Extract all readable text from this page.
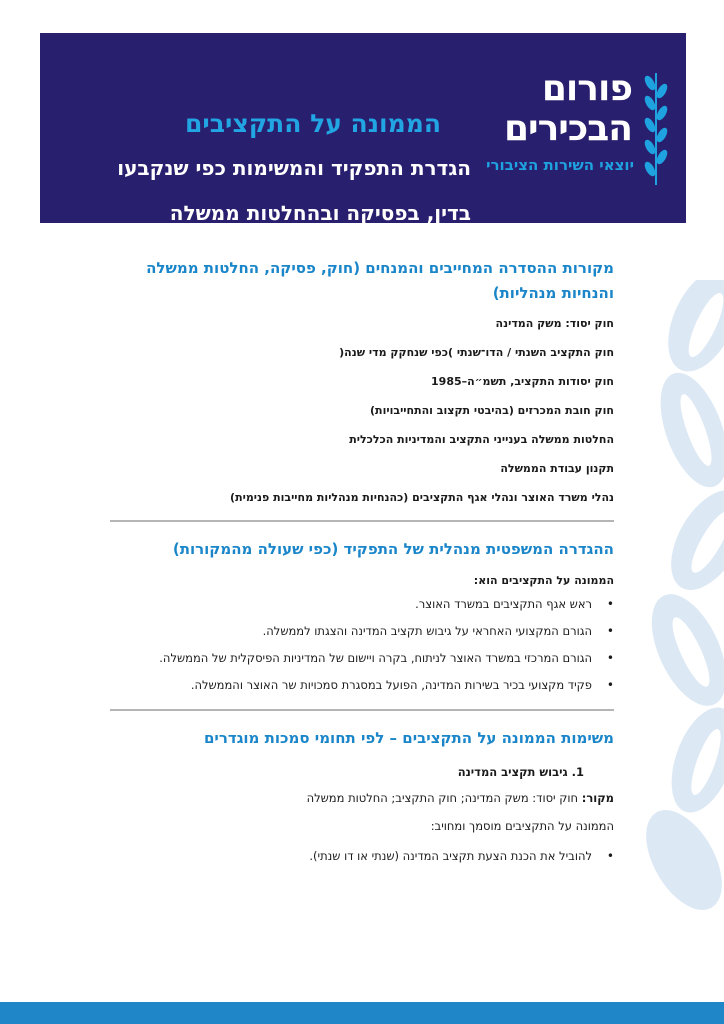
פורום
הבכירים
יוצאי השירות הציבורי
הממונה על התקציבים
הגדרת התפקיד והמשימות כפי שנקבעו
בדין, בפסיקה ובהחלטות ממשלה
מקורות ההסדרה המחייבים והמנחים (חוק, פסיקה, החלטות ממשלה והנחיות מנהליות)
חוק יסוד: משק המדינה
חוק התקציב השנתי / הדו־שנתי )כפי שנחקק מדי שנה(
חוק יסודות התקציב, תשמ״ה–1985
חוק חובת המכרזים (בהיבטי תקצוב והתחייבויות)
החלטות ממשלה בענייני התקציב והמדיניות הכלכלית
תקנון עבודת הממשלה
נהלי משרד האוצר ונהלי אגף התקציבים (כהנחיות מנהליות מחייבות פנימית)
ההגדרה המשפטית מנהלית של התפקיד (כפי שעולה מהמקורות)

הממונה על התקציבים הוא:

• ראש אגף התקציבים במשרד האוצר.
• הגורם המקצועי האחראי על גיבוש תקציב המדינה והצגתו לממשלה.
• הגורם המרכזי במשרד האוצר לניתוח, בקרה ויישום של המדיניות הפיסקלית של הממשלה.
• פקיד מקצועי בכיר בשירות המדינה, הפועל במסגרת סמכויות שר האוצר והממשלה.
משימות הממונה על התקציבים – לפי תחומי סמכות מוגדרים

1. גיבוש תקציב המדינה

מקור: חוק יסוד: משק המדינה; חוק התקציב; החלטות ממשלה

הממונה על התקציבים מוסמך ומחויב:

• להוביל את הכנת הצעת תקציב המדינה (שנתי או דו שנתי).
